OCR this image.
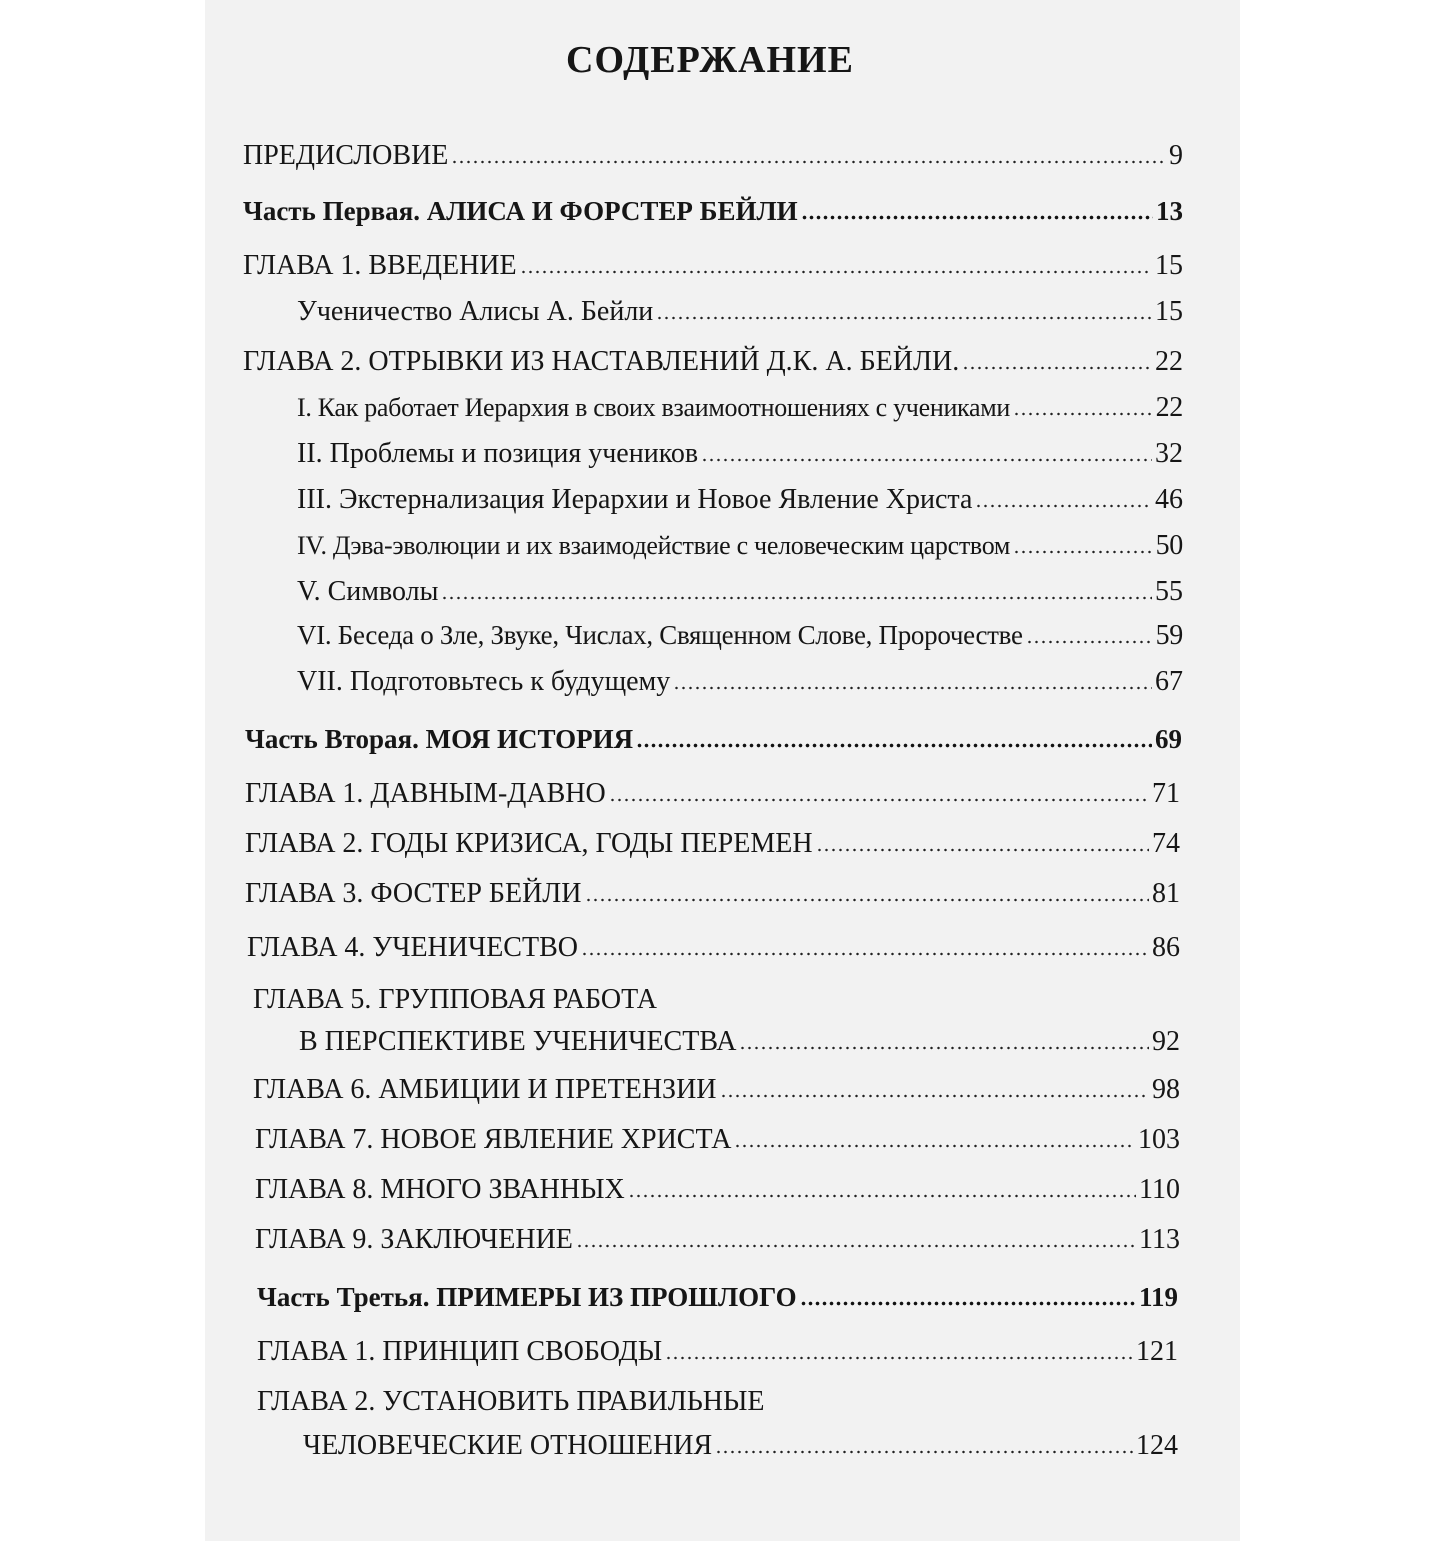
СОДЕРЖАНИЕ
ПРЕДИСЛОВИЕ	9
Часть Первая. АЛИСА И ФОРСТЕР БЕЙЛИ	13
ГЛАВА 1. ВВЕДЕНИЕ	15
Ученичество Алисы А. Бейли	15
ГЛАВА 2. ОТРЫВКИ ИЗ НАСТАВЛЕНИЙ Д.К. А. БЕЙЛИ.	22
I. Как работает Иерархия в своих взаимоотношениях с учениками	22
II. Проблемы и позиция учеников	32
III. Экстернализация Иерархии и Новое Явление Христа	46
IV. Дэва-эволюции и их взаимодействие с человеческим царством	50
V. Символы	55
VI. Беседа о Зле, Звуке, Числах, Священном Слове, Пророчестве	59
VII. Подготовьтесь к будущему	67
Часть Вторая. МОЯ ИСТОРИЯ	69
ГЛАВА 1. ДАВНЫМ-ДАВНО	71
ГЛАВА 2. ГОДЫ КРИЗИСА, ГОДЫ ПЕРЕМЕН	74
ГЛАВА 3. ФОСТЕР БЕЙЛИ	81
ГЛАВА 4. УЧЕНИЧЕСТВО	86
ГЛАВА 5. ГРУППОВАЯ РАБОТА
В ПЕРСПЕКТИВЕ УЧЕНИЧЕСТВА	92
ГЛАВА 6. АМБИЦИИ И ПРЕТЕНЗИИ	98
ГЛАВА 7. НОВОЕ ЯВЛЕНИЕ ХРИСТА	103
ГЛАВА 8. МНОГО ЗВАННЫХ	110
ГЛАВА 9. ЗАКЛЮЧЕНИЕ	113
Часть Третья. ПРИМЕРЫ ИЗ ПРОШЛОГО	119
ГЛАВА 1. ПРИНЦИП СВОБОДЫ	121
ГЛАВА 2. УСТАНОВИТЬ ПРАВИЛЬНЫЕ
ЧЕЛОВЕЧЕСКИЕ ОТНОШЕНИЯ	124
